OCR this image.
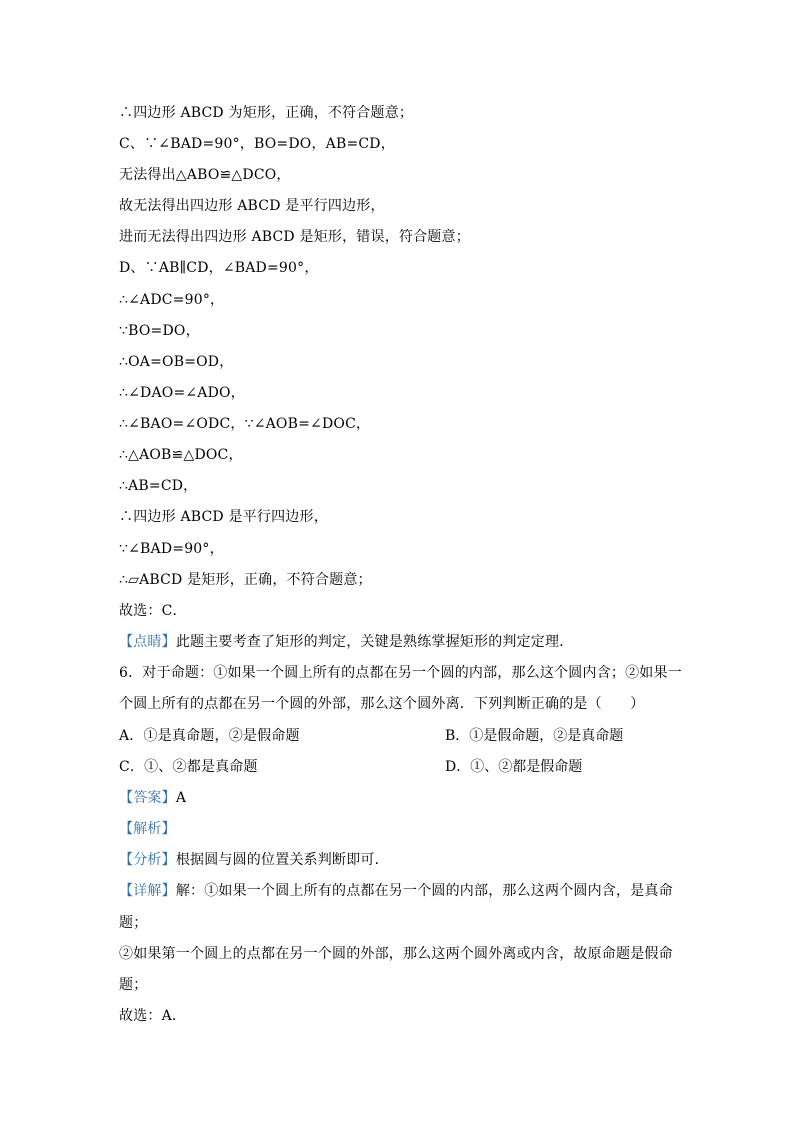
∴四边形 ABCD 为矩形，正确，不符合题意；
C、∵∠BAD=90°，BO=DO，AB=CD，
无法得出△ABO≌△DCO，
故无法得出四边形 ABCD 是平行四边形，
进而无法得出四边形 ABCD 是矩形，错误，符合题意；
D、∵AB∥CD，∠BAD=90°，
∴∠ADC=90°，
∵BO=DO，
∴OA=OB=OD，
∴∠DAO=∠ADO，
∴∠BAO=∠ODC，∵∠AOB=∠DOC，
∴△AOB≌△DOC，
∴AB=CD，
∴四边形 ABCD 是平行四边形，
∵∠BAD=90°，
∴▱ABCD 是矩形，正确，不符合题意；
故选：C．
【点睛】此题主要考查了矩形的判定，关键是熟练掌握矩形的判定定理．
6．对于命题：①如果一个圆上所有的点都在另一个圆的内部，那么这个圆内含；②如果一
个圆上所有的点都在另一个圆的外部，那么这个圆外离．下列判断正确的是（　　）
A．①是真命题，②是假命题	B．①是假命题，②是真命题
C．①、②都是真命题	D．①、②都是假命题
【答案】A
【解析】
【分析】根据圆与圆的位置关系判断即可．
【详解】解：①如果一个圆上所有的点都在另一个圆的内部，那么这两个圆内含，是真命
题；
②如果第一个圆上的点都在另一个圆的外部，那么这两个圆外离或内含，故原命题是假命
题；
故选：A．
